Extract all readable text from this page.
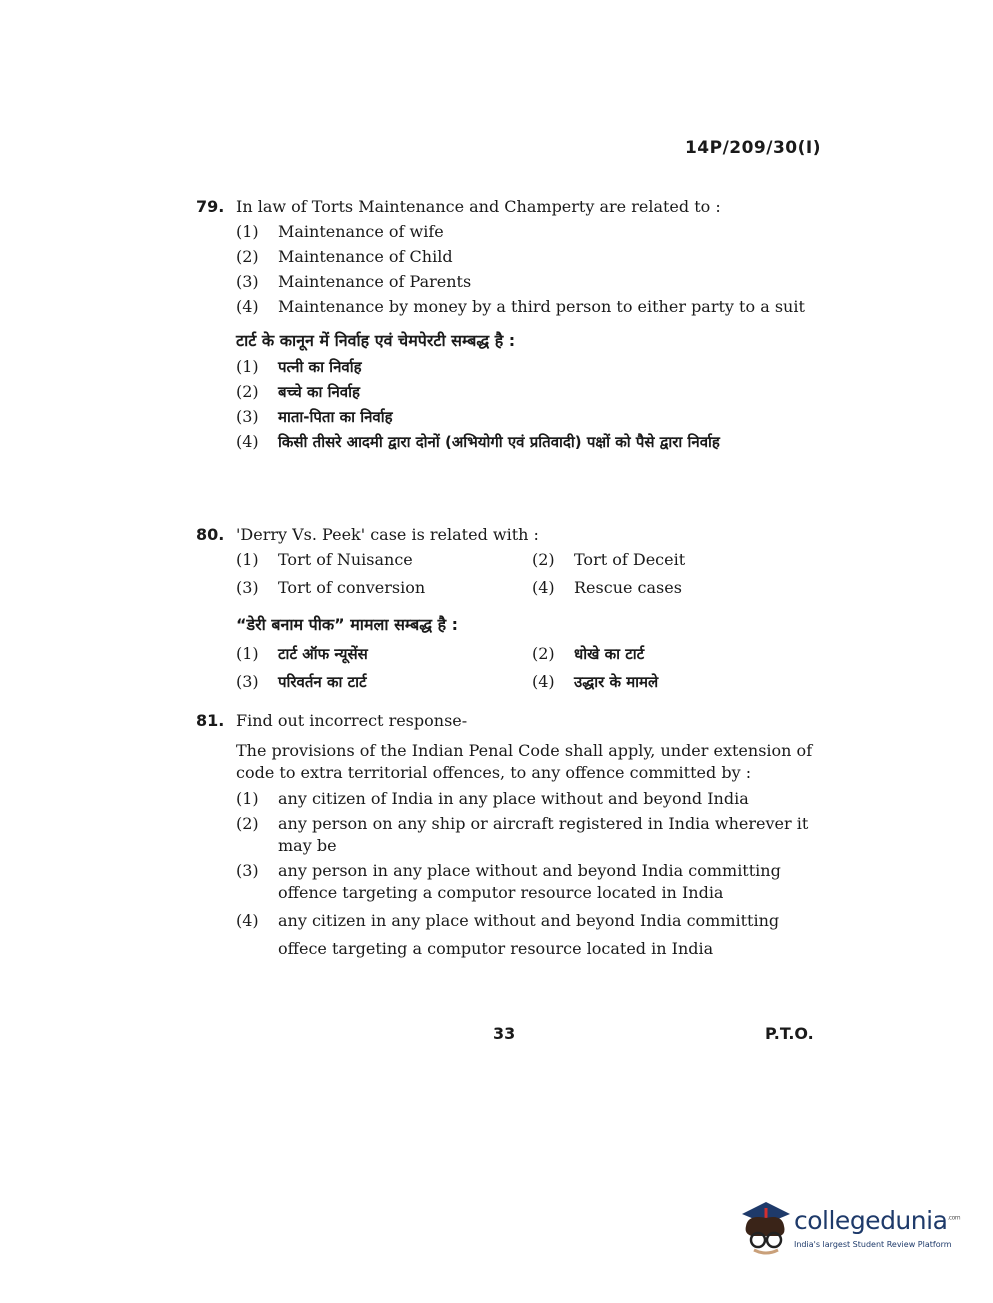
14P/209/30(I)
79. In law of Torts Maintenance and Champerty are related to :
(1)	Maintenance of wife
(2)	Maintenance of Child
(3)	Maintenance of Parents
(4)	Maintenance by money by a third person to either party to a suit
टार्ट के कानून में निर्वाह एवं चेमपेरटी सम्बद्ध है :
(1)	पत्नी का निर्वाह
(2)	बच्चे का निर्वाह
(3)	माता-पिता का निर्वाह
(4)	किसी तीसरे आदमी द्वारा दोनों (अभियोगी एवं प्रतिवादी) पक्षों को पैसे द्वारा निर्वाह
80. 'Derry Vs. Peek' case is related with :
(1)	Tort of Nuisance	(2)	Tort of Deceit
(3)	Tort of conversion	(4)	Rescue cases
“डेरी बनाम पीक” मामला सम्बद्ध है :
(1)	टार्ट ऑफ न्यूसेंस	(2)	धोखे का टार्ट
(3)	परिवर्तन का टार्ट	(4)	उद्धार के मामले
81. Find out incorrect response-
The provisions of the Indian Penal Code shall apply, under extension of code to extra territorial offences, to any offence committed by :
(1)	any citizen of India in any place without and beyond India
(2)	any person on any ship or aircraft registered in India wherever it may be
(3)	any person in any place without and beyond India committing offence targeting a computor resource located in India
(4)	any citizen in any place without and beyond India committing offece targeting a computor resource located in India
33	P.T.O.
collegedunia$^{.com}$
India's largest Student Review Platform
